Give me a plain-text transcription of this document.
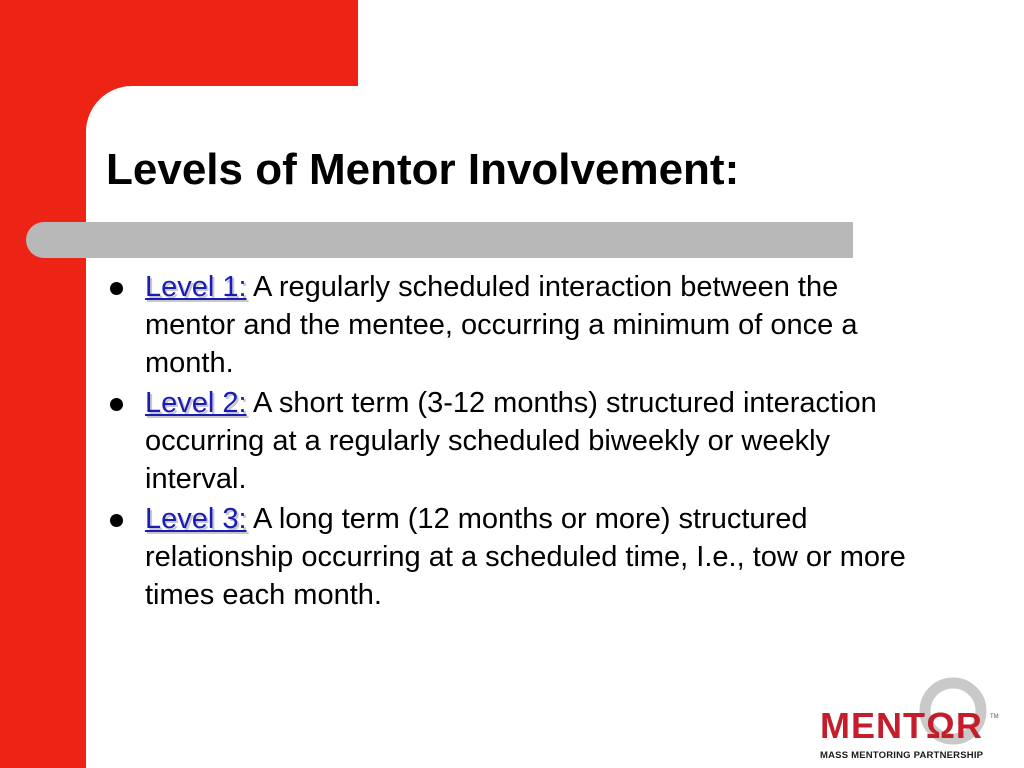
Levels of Mentor Involvement:
Level 1: A regularly scheduled interaction between the mentor and the mentee, occurring a minimum of once a month.
Level 2: A short term (3-12 months) structured interaction occurring at a regularly scheduled biweekly or weekly interval.
Level 3: A long term (12 months or more) structured relationship occurring at a scheduled time, I.e., tow or more times each month.
MENTΩR TM
MASS MENTORING PARTNERSHIP
